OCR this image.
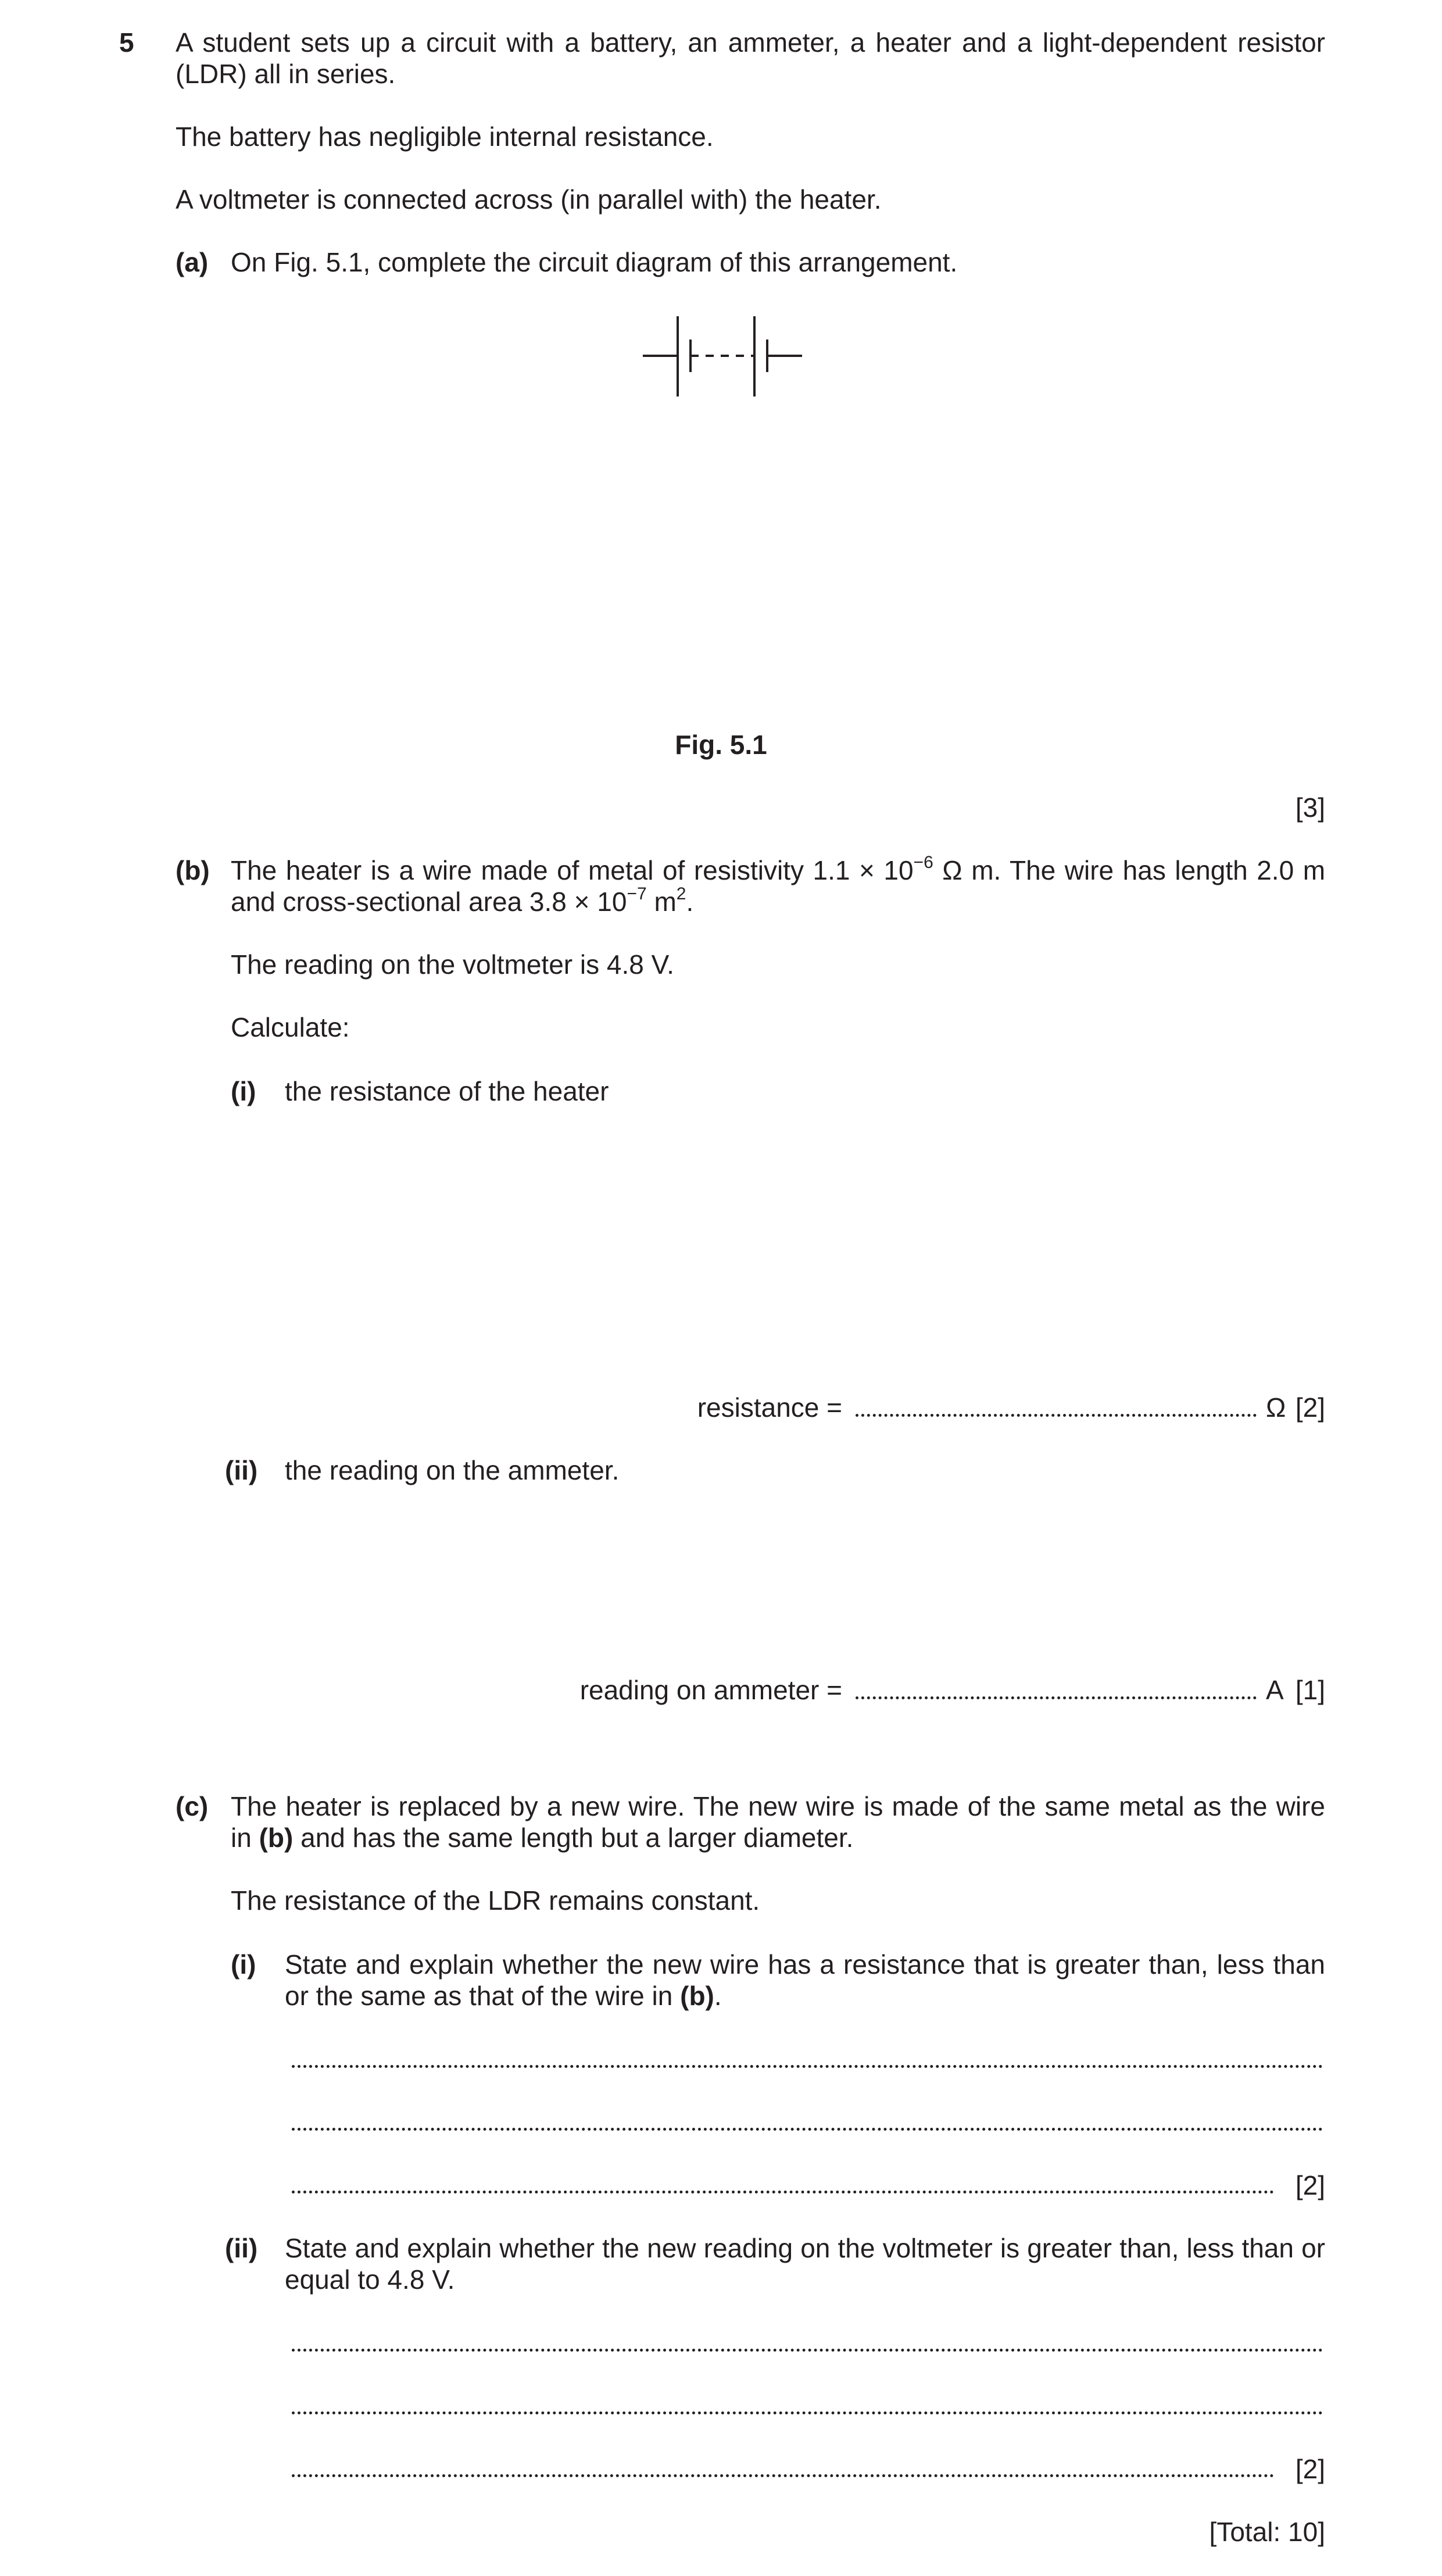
5 A student sets up a circuit with a battery, an ammeter, a heater and a light-dependent resistor (LDR) all in series.

The battery has negligible internal resistance.

A voltmeter is connected across (in parallel with) the heater.

(a) On Fig. 5.1, complete the circuit diagram of this arrangement.

Fig. 5.1
[3]
(b) The heater is a wire made of metal of resistivity $1.1 \times 10^{-6}$ Ω m. The wire has length 2.0 m and cross-sectional area $3.8 \times 10^{-7}$ $m^2$.

The reading on the voltmeter is 4.8 V.

Calculate:

(i) the resistance of the heater

resistance =	Ω [2]
(ii) the reading on the ammeter.

reading on ammeter =	A [1]
(c) The heater is replaced by a new wire. The new wire is made of the same metal as the wire in (b) and has the same length but a larger diameter.

The resistance of the LDR remains constant.

(i) State and explain whether the new wire has a resistance that is greater than, less than or the same as that of the wire in (b).

[2]
(ii) State and explain whether the new reading on the voltmeter is greater than, less than or equal to 4.8 V.

[2]
[Total: 10]
